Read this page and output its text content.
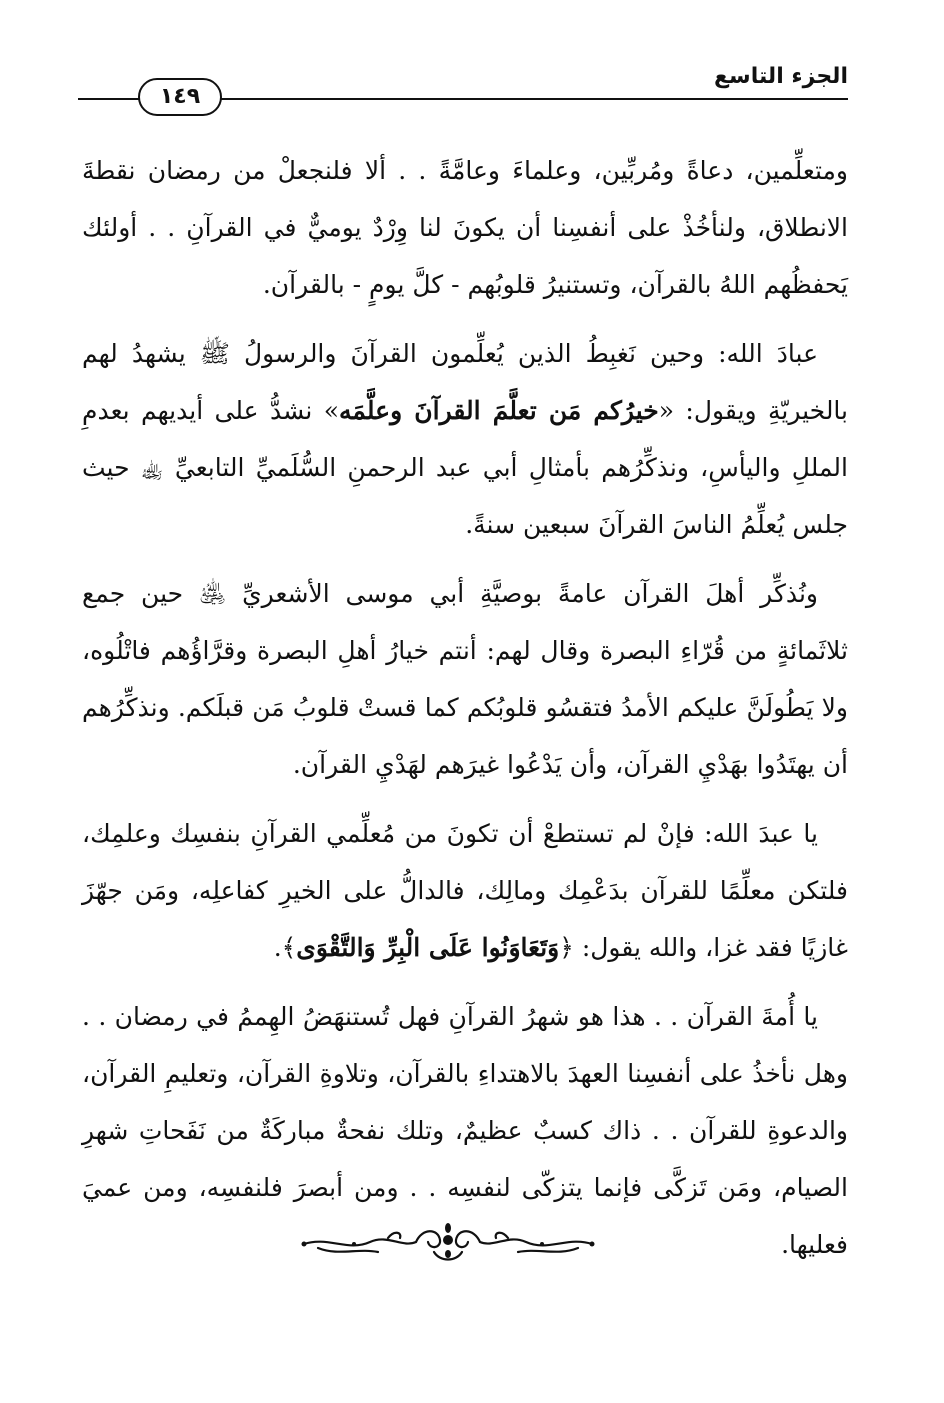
الجزء التاسع
١٤٩

ومتعلِّمين، دعاةً ومُربِّين، وعلماءَ وعامَّةً . . ألا فلنجعلْ من رمضان نقطةَ الانطلاق، ولنأخُذْ على أنفسِنا أن يكونَ لنا وِرْدٌ يوميٌّ في القرآنِ . . أولئك يَحفظُهم اللهُ بالقرآن، وتستنيرُ قلوبُهم - كلَّ يومٍ - بالقرآن.

عبادَ الله: وحين نَغبِطُ الذين يُعلِّمون القرآنَ والرسولُ ﷺ يشهدُ لهم بالخيريّةِ ويقول: «خيرُكم مَن تعلَّمَ القرآنَ وعلَّمَه» نشدُّ على أيديهم بعدمِ المللِ واليأسِ، ونذكِّرُهم بأمثالِ أبي عبد الرحمنِ السُّلَميِّ التابعيِّ ﵀ حيث جلس يُعلِّمُ الناسَ القرآنَ سبعين سنةً.

ونُذكِّر أهلَ القرآن عامةً بوصيَّةِ أبي موسى الأشعريِّ ﵁ حين جمع ثلاثَمائةٍ من قُرّاءِ البصرة وقال لهم: أنتم خيارُ أهلِ البصرة وقرَّاؤُهم فاتْلُوه، ولا يَطُولَنَّ عليكم الأمدُ فتقسُو قلوبُكم كما قستْ قلوبُ مَن قبلَكم. ونذكِّرُهم أن يهتَدُوا بهَدْيِ القرآن، وأن يَدْعُوا غيرَهم لهَدْيِ القرآن.

يا عبدَ الله: فإنْ لم تستطعْ أن تكونَ من مُعلِّمي القرآنِ بنفسِك وعلمِك، فلتكن معلِّمًا للقرآن بدَعْمِك ومالِك، فالدالُّ على الخيرِ كفاعلِه، ومَن جهّزَ غازيًا فقد غزا، والله يقول: ﴿وَتَعَاوَنُوا عَلَى الْبِرِّ وَالتَّقْوَى﴾.

يا أُمةَ القرآن . . هذا هو شهرُ القرآنِ فهل تُستنهَضُ الهِممُ في رمضان . . وهل نأخذُ على أنفسِنا العهدَ بالاهتداءِ بالقرآن، وتلاوةِ القرآن، وتعليمِ القرآن، والدعوةِ للقرآن . . ذاك كسبٌ عظيمٌ، وتلك نفحةٌ مباركَةٌ من نَفَحاتِ شهرِ الصيام، ومَن تَزكَّى فإنما يتزكّى لنفسِه . . ومن أبصرَ فلنفسِه، ومن عميَ فعليها.
